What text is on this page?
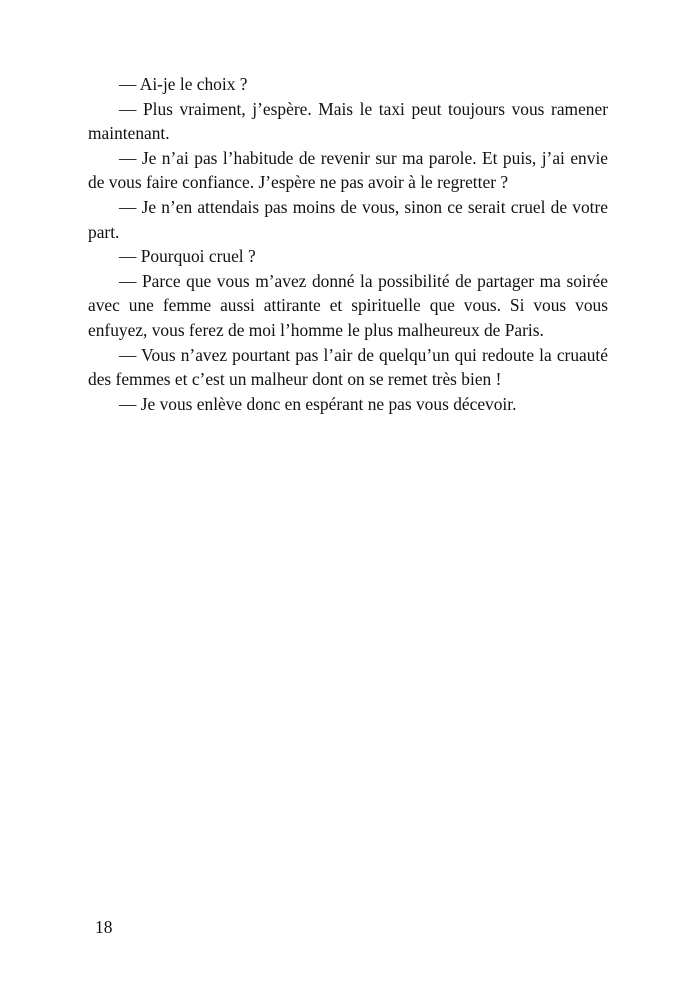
— Ai-je le choix ?

— Plus vraiment, j’espère. Mais le taxi peut toujours vous ramener maintenant.

— Je n’ai pas l’habitude de revenir sur ma parole. Et puis, j’ai envie de vous faire confiance. J’espère ne pas avoir à le regretter ?

— Je n’en attendais pas moins de vous, sinon ce serait cruel de votre part.

— Pourquoi cruel ?

— Parce que vous m’avez donné la possibilité de partager ma soirée avec une femme aussi attirante et spirituelle que vous. Si vous vous enfuyez, vous ferez de moi l’homme le plus malheureux de Paris.

— Vous n’avez pourtant pas l’air de quelqu’un qui redoute la cruauté des femmes et c’est un malheur dont on se remet très bien !

— Je vous enlève donc en espérant ne pas vous décevoir.

18
